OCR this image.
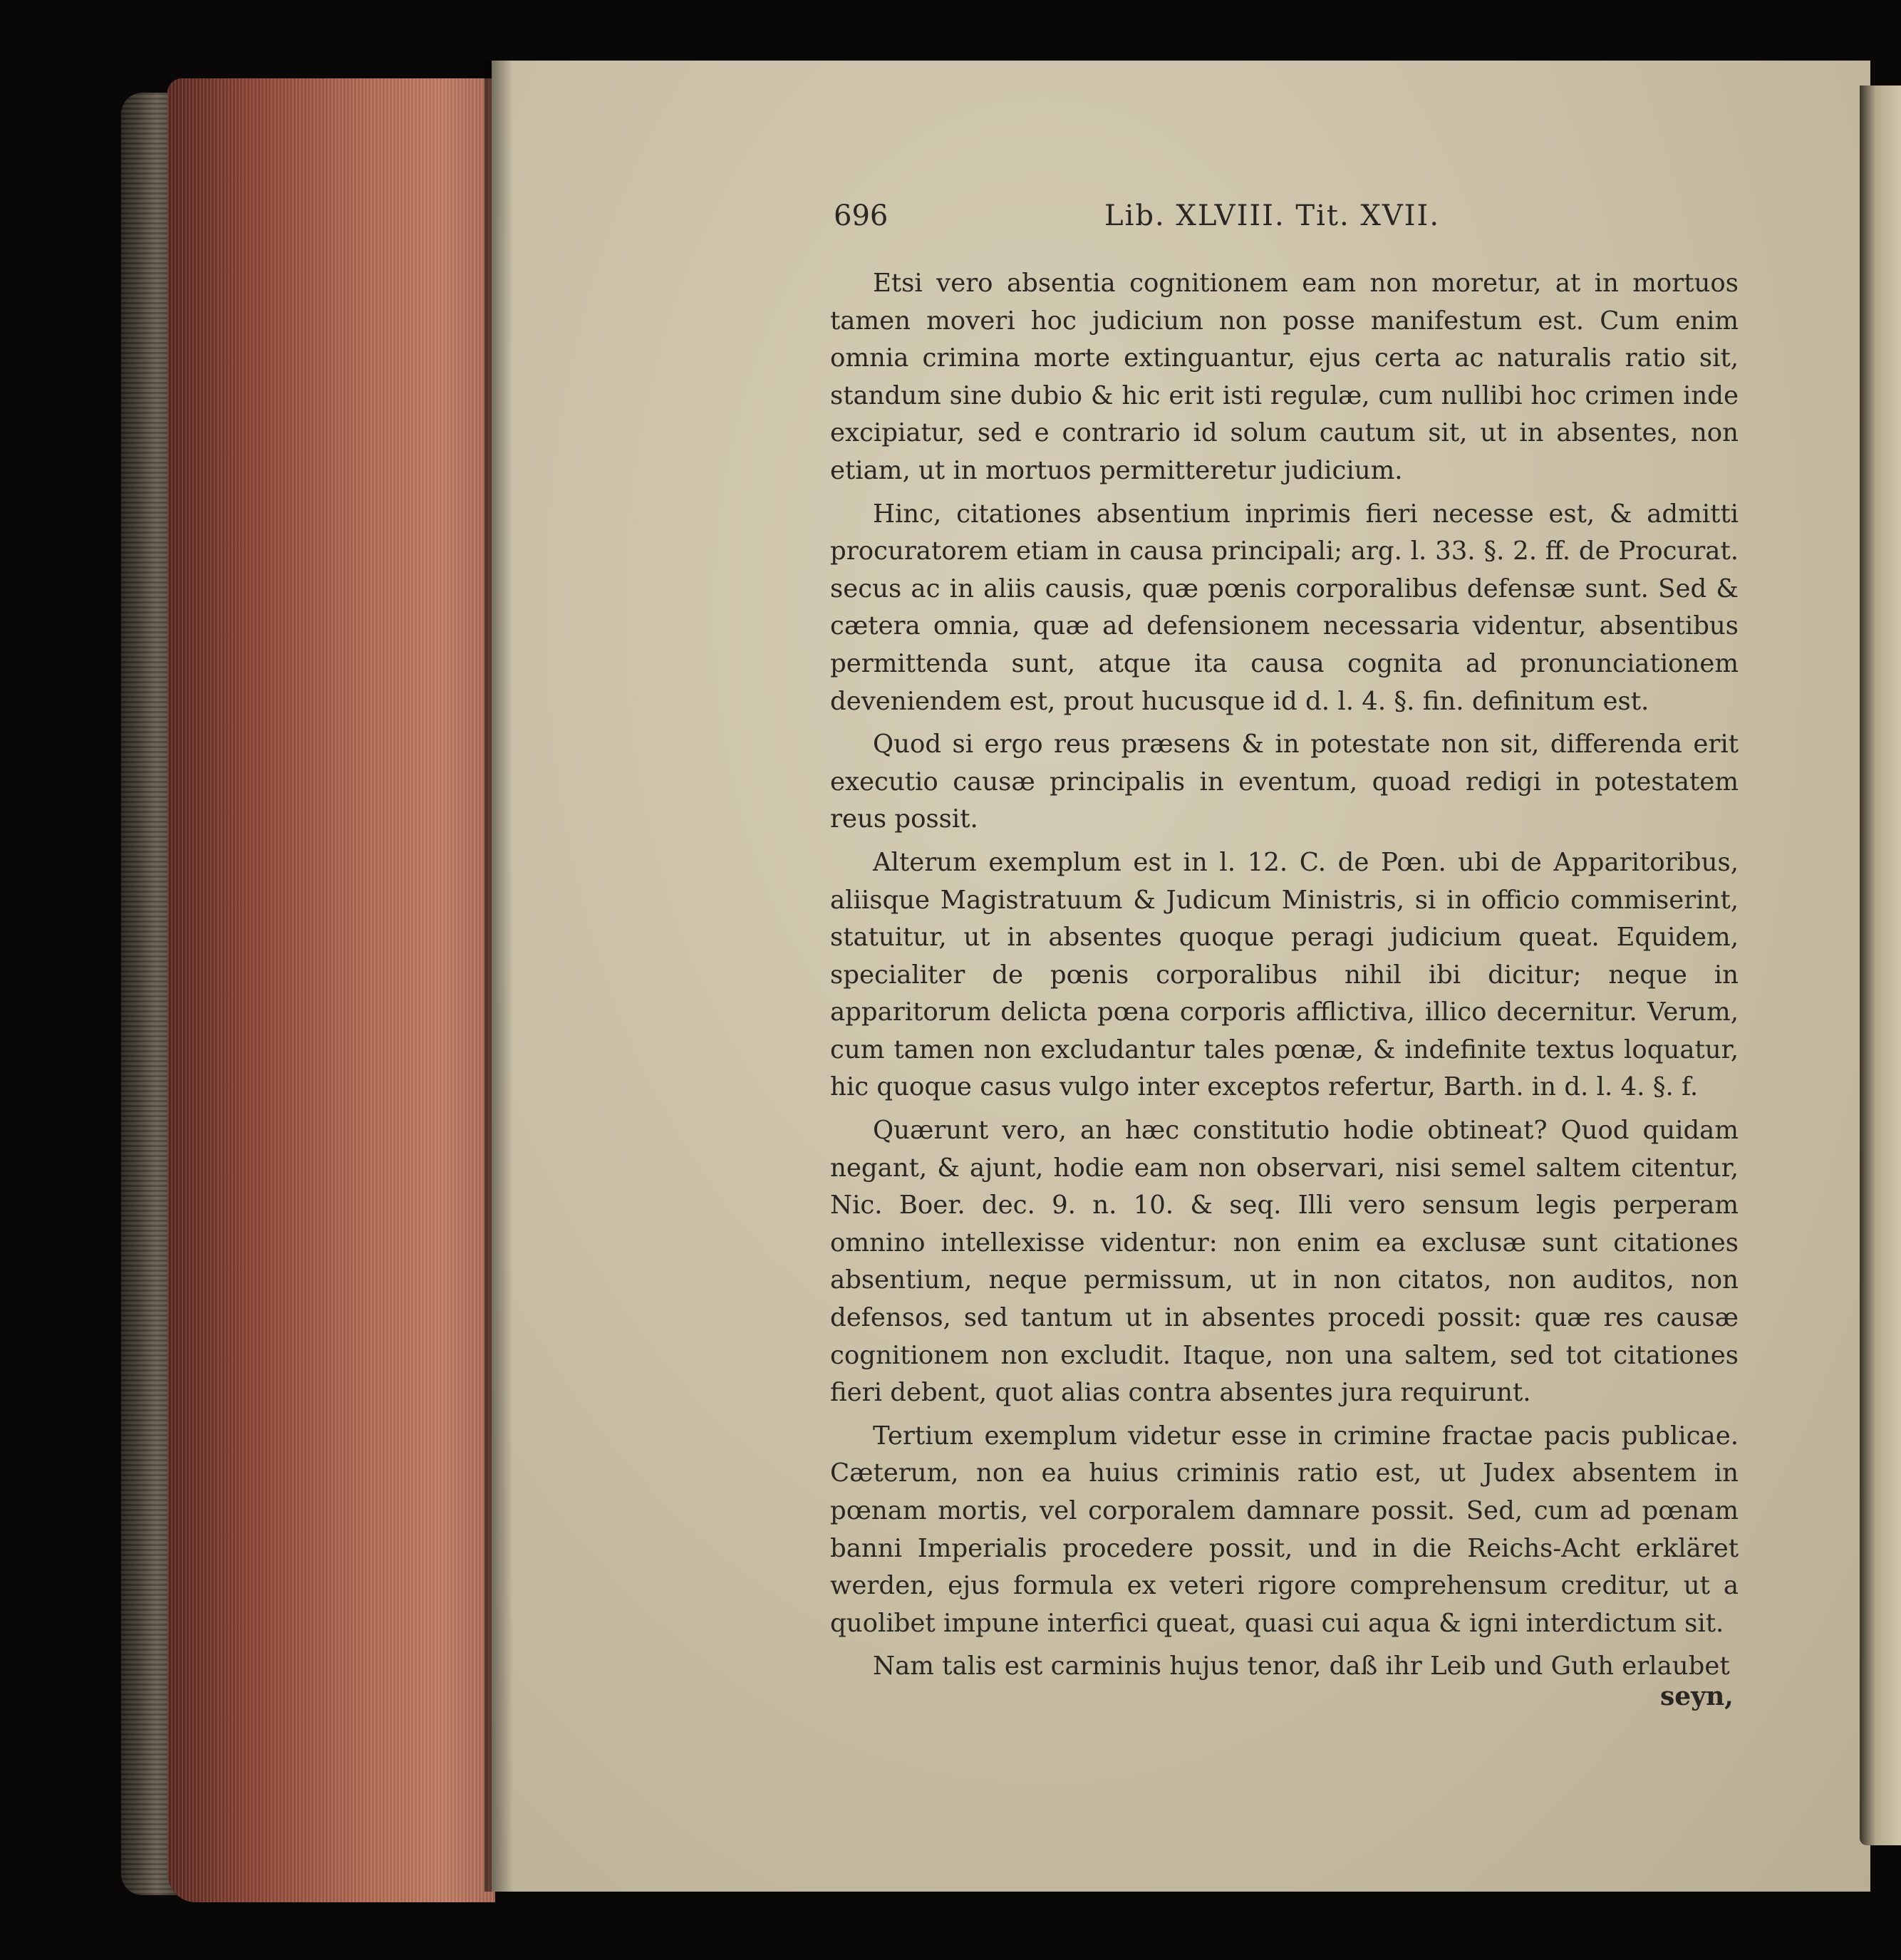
696	Lib. XLVIII. Tit. XVII.

Etsi vero absentia cognitionem eam non moretur, at in mortuos tamen moveri hoc judicium non posse manifestum est. Cum enim omnia crimina morte extinguantur, ejus certa ac naturalis ratio sit, standum sine dubio & hic erit isti regulæ, cum nullibi hoc crimen inde excipiatur, sed e contrario id solum cautum sit, ut in absentes, non etiam, ut in mortuos permitteretur judicium.

Hinc, citationes absentium inprimis fieri necesse est, & admitti procuratorem etiam in causa principali; arg. l. 33. §. 2. ff. de Procurat. secus ac in aliis causis, quæ pœnis corporalibus defensæ sunt. Sed & cætera omnia, quæ ad defensionem necessaria videntur, absentibus permittenda sunt, atque ita causa cognita ad pronunciationem deveniendem est, prout hucusque id d. l. 4. §. fin. definitum est.

Quod si ergo reus præsens & in potestate non sit, differenda erit executio causæ principalis in eventum, quoad redigi in potestatem reus possit.

Alterum exemplum est in l. 12. C. de Pœn. ubi de Apparitoribus, aliisque Magistratuum & Judicum Ministris, si in officio commiserint, statuitur, ut in absentes quoque peragi judicium queat. Equidem, specialiter de pœnis corporalibus nihil ibi dicitur; neque in apparitorum delicta pœna corporis afflictiva, illico decernitur. Verum, cum tamen non excludantur tales pœnæ, & indefinite textus loquatur, hic quoque casus vulgo inter exceptos refertur, Barth. in d. l. 4. §. f.

Quærunt vero, an hæc constitutio hodie obtineat? Quod quidam negant, & ajunt, hodie eam non observari, nisi semel saltem citentur, Nic. Boer. dec. 9. n. 10. & seq. Illi vero sensum legis perperam omnino intellexisse videntur: non enim ea exclusæ sunt citationes absentium, neque permissum, ut in non citatos, non auditos, non defensos, sed tantum ut in absentes procedi possit: quæ res causæ cognitionem non excludit. Itaque, non una saltem, sed tot citationes fieri debent, quot alias contra absentes jura requirunt.

Tertium exemplum videtur esse in crimine fractae pacis publicae. Cæterum, non ea huius criminis ratio est, ut Judex absentem in pœnam mortis, vel corporalem damnare possit. Sed, cum ad pœnam banni Imperialis procedere possit, und in die Reichs-Acht erkläret werden, ejus formula ex veteri rigore comprehensum creditur, ut a quolibet impune interfici queat, quasi cui aqua & igni interdictum sit.

Nam talis est carminis hujus tenor, daß ihr Leib und Guth erlaubet

seyn,
